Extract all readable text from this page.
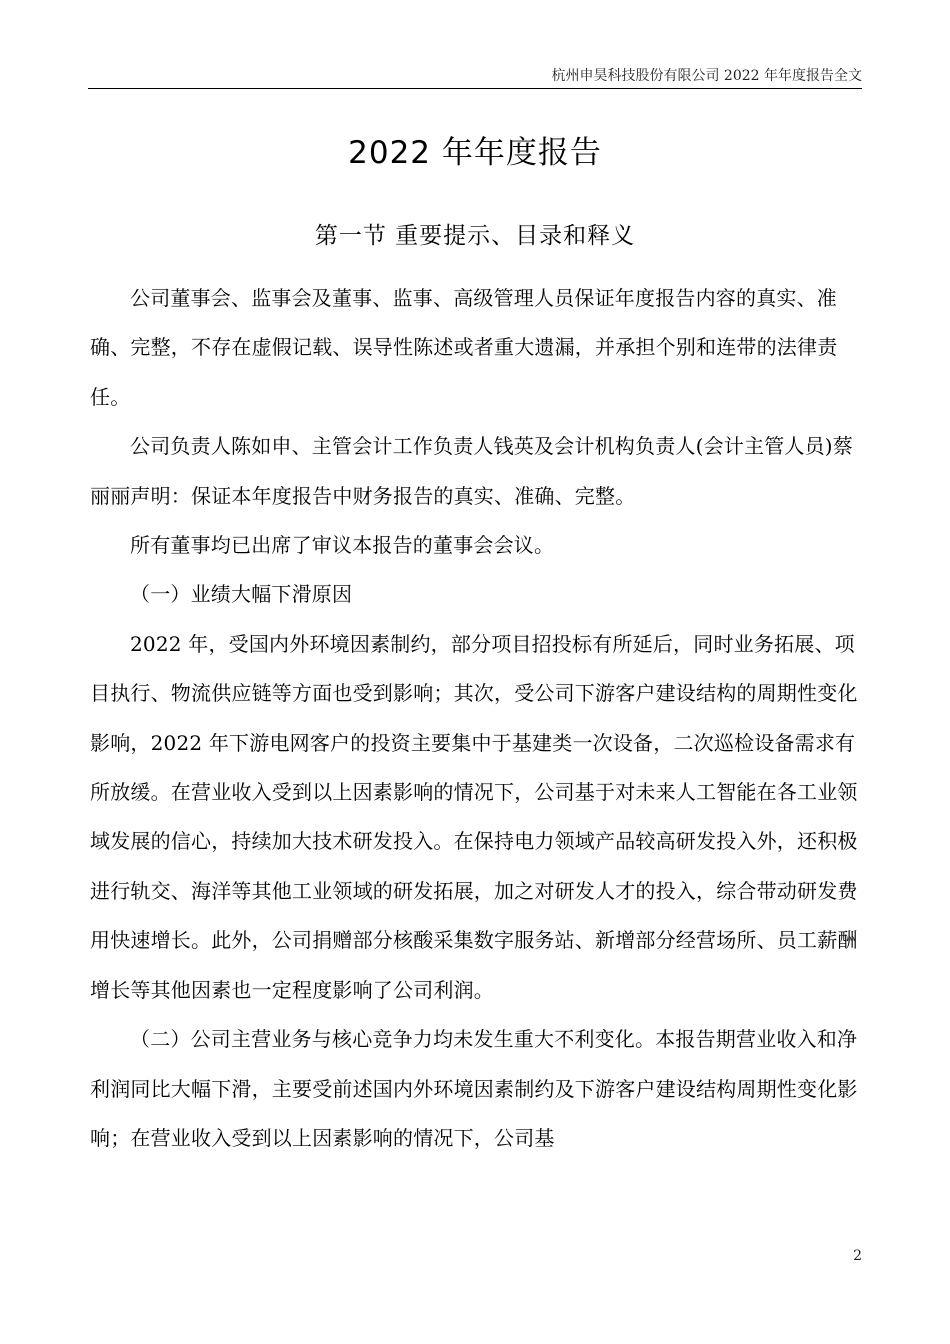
杭州申昊科技股份有限公司 2022 年年度报告全文
2022 年年度报告
第一节 重要提示、目录和释义

公司董事会、监事会及董事、监事、高级管理人员保证年度报告内容的真实、准确、完整，不存在虚假记载、误导性陈述或者重大遗漏，并承担个别和连带的法律责任。

公司负责人陈如申、主管会计工作负责人钱英及会计机构负责人(会计主管人员)蔡丽丽声明：保证本年度报告中财务报告的真实、准确、完整。

所有董事均已出席了审议本报告的董事会会议。

（一）业绩大幅下滑原因

2022 年，受国内外环境因素制约，部分项目招投标有所延后，同时业务拓展、项目执行、物流供应链等方面也受到影响；其次，受公司下游客户建设结构的周期性变化影响，2022 年下游电网客户的投资主要集中于基建类一次设备，二次巡检设备需求有所放缓。在营业收入受到以上因素影响的情况下，公司基于对未来人工智能在各工业领域发展的信心，持续加大技术研发投入。在保持电力领域产品较高研发投入外，还积极进行轨交、海洋等其他工业领域的研发拓展，加之对研发人才的投入，综合带动研发费用快速增长。此外，公司捐赠部分核酸采集数字服务站、新增部分经营场所、员工薪酬增长等其他因素也一定程度影响了公司利润。

（二）公司主营业务与核心竞争力均未发生重大不利变化。本报告期营业收入和净利润同比大幅下滑，主要受前述国内外环境因素制约及下游客户建设结构周期性变化影响；在营业收入受到以上因素影响的情况下，公司基

2
